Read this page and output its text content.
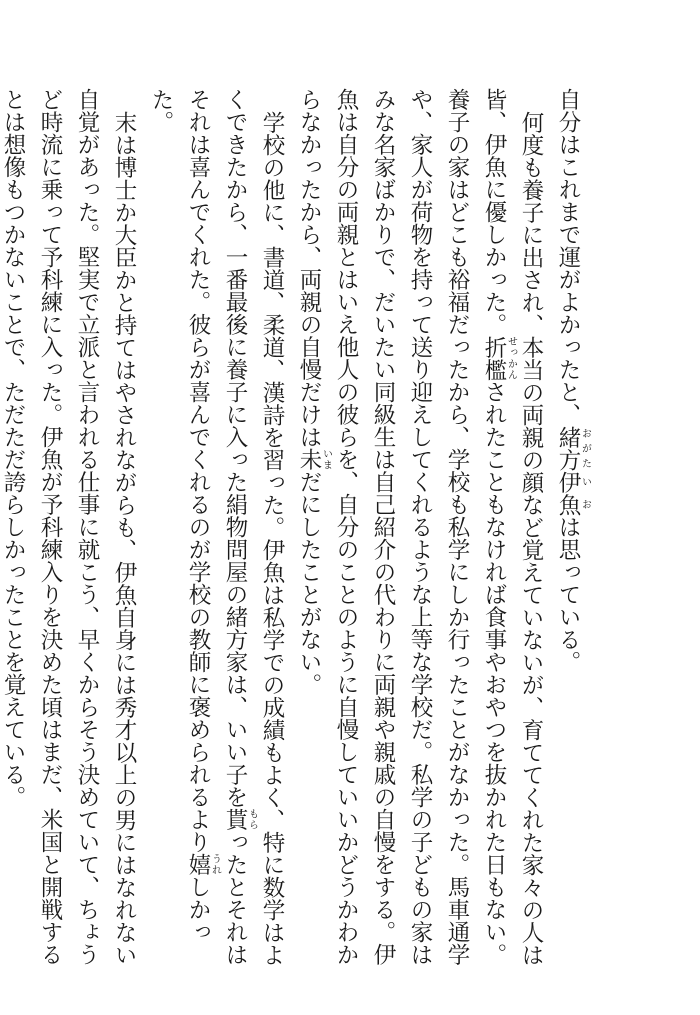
自分はこれまで運がよかったと、緒方おがた伊魚いおは思っている。

何度も養子に出され、本当の両親の顔など覚えていないが、育ててくれた家々の人は皆、伊魚に優しかった。折檻せっかんされたこともなければ食事やおやつを抜かれた日もない。養子の家はどこも裕福だったから、学校も私学にしか行ったことがなかった。馬車通学や、家人が荷物を持って送り迎えしてくれるような上等な学校だ。私学の子どもの家はみな名家ばかりで、だいたい同級生は自己紹介の代わりに両親や親戚の自慢をする。伊魚は自分の両親とはいえ他人の彼らを、自分のことのように自慢していいかどうかわからなかったから、両親の自慢だけは未いまだにしたことがない。

学校の他に、書道、柔道、漢詩を習った。伊魚は私学での成績もよく、特に数学はよくできたから、一番最後に養子に入った絹物問屋の緒方家は、いい子を貰もらったとそれはそれは喜んでくれた。彼らが喜んでくれるのが学校の教師に褒められるより嬉うれしかった。

末は博士か大臣かと持てはやされながらも、伊魚自身には秀才以上の男にはなれない自覚があった。堅実で立派と言われる仕事に就こう、早くからそう決めていて、ちょうど時流に乗って予科練に入った。伊魚が予科練入りを決めた頃はまだ、米国と開戦するとは想像もつかないことで、ただただ誇らしかったことを覚えている。
